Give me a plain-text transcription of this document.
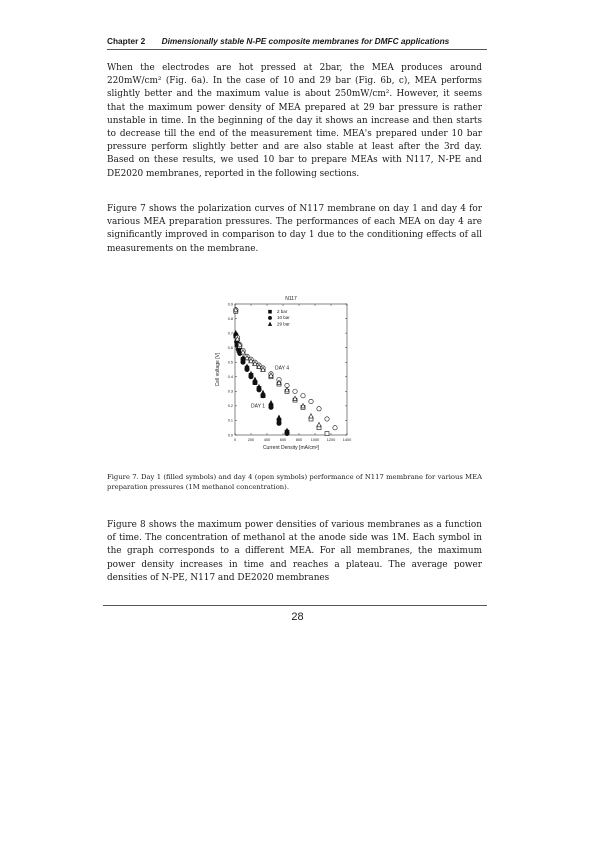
Chapter 2 Dimensionally stable N-PE composite membranes for DMFC applications

When the electrodes are hot pressed at 2bar, the MEA produces around 220mW/cm² (Fig. 6a). In the case of 10 and 29 bar (Fig. 6b, c), MEA performs slightly better and the maximum value is about 250mW/cm². However, it seems that the maximum power density of MEA prepared at 29 bar pressure is rather unstable in time. In the beginning of the day it shows an increase and then starts to decrease till the end of the measurement time. MEA's prepared under 10 bar pressure perform slightly better and are also stable at least after the 3rd day. Based on these results, we used 10 bar to prepare MEAs with N117, N-PE and DE2020 membranes, reported in the following sections.

Figure 7 shows the polarization curves of N117 membrane on day 1 and day 4 for various MEA preparation pressures. The performances of each MEA on day 4 are significantly improved in comparison to day 1 due to the conditioning effects of all measurements on the membrane.

0	200	400	600	800 1000 1200 1400
0.0
0.1
0.2
0.3
0.4
0.5
0.6
0.7
0.8
0.9
N117
Current Density [mA/cm²]
Cell voltage [V]
2 bar
10 bar
29 bar
DAY 4
DAY 1

Figure 7. Day 1 (filled symbols) and day 4 (open symbols) performance of N117 membrane for various MEA preparation pressures (1M methanol concentration).

Figure 8 shows the maximum power densities of various membranes as a function of time. The concentration of methanol at the anode side was 1M. Each symbol in the graph corresponds to a different MEA. For all membranes, the maximum power density increases in time and reaches a plateau. The average power densities of N-PE, N117 and DE2020 membranes

28
